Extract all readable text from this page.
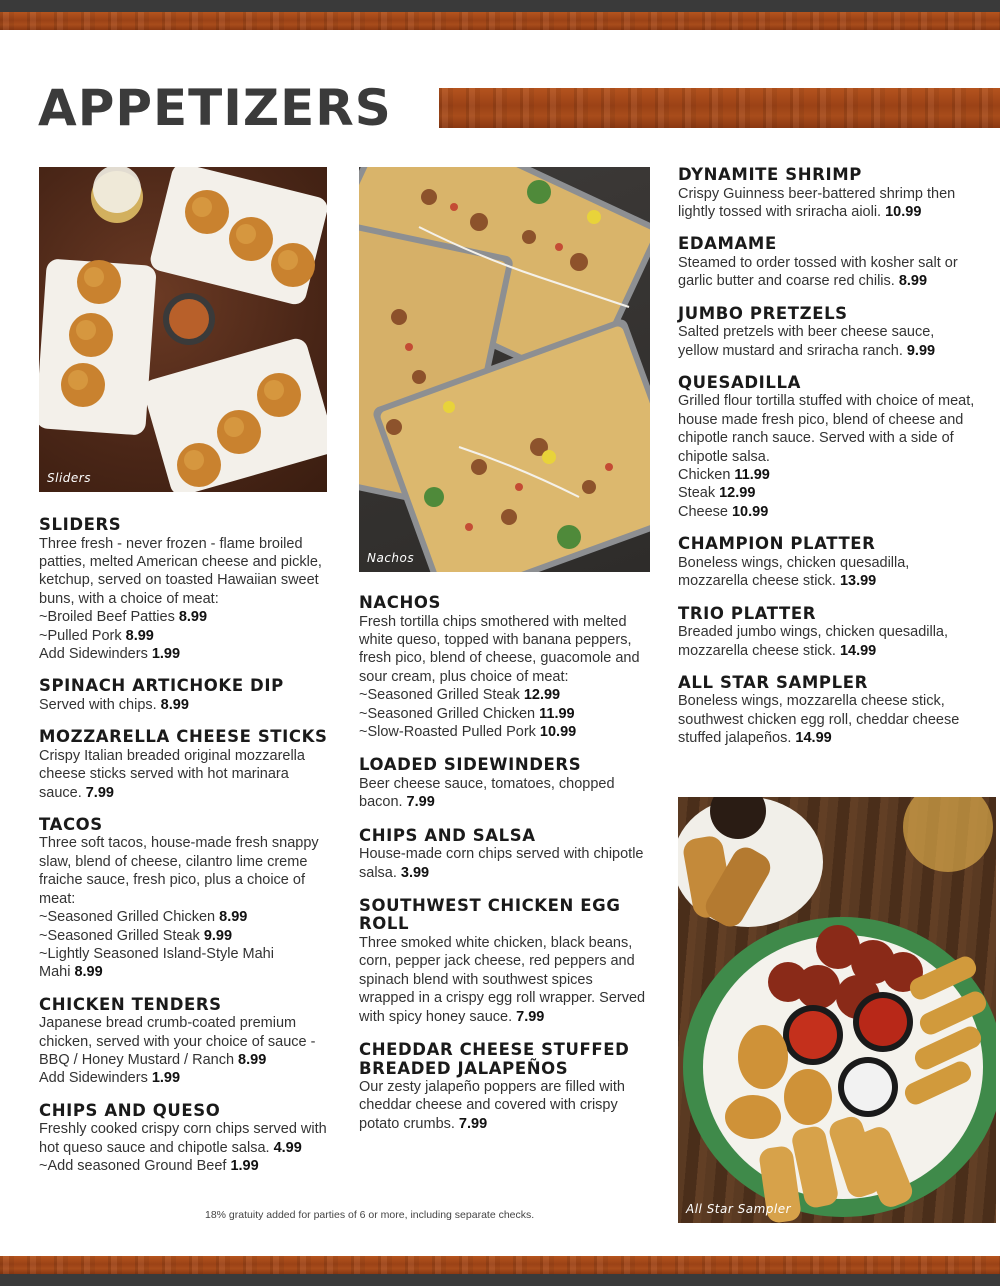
APPETIZERS
Sliders
Nachos
All Star Sampler
SLIDERS

Three fresh - never frozen - flame broiled patties, melted American cheese and pickle, ketchup, served on toasted Hawaiian sweet buns, with a choice of meat:

~Broiled Beef Patties 8.99
~Pulled Pork 8.99
Add Sidewinders 1.99
SPINACH ARTICHOKE DIP

Served with chips. 8.99

MOZZARELLA CHEESE STICKS

Crispy Italian breaded original mozzarella cheese sticks served with hot marinara sauce. 7.99

TACOS

Three soft tacos, house-made fresh snappy slaw, blend of cheese, cilantro lime creme fraiche sauce, fresh pico, plus a choice of meat:

~Seasoned Grilled Chicken 8.99
~Seasoned Grilled Steak 9.99
~Lightly Seasoned Island-Style Mahi Mahi 8.99
CHICKEN TENDERS

Japanese bread crumb-coated premium chicken, served with your choice of sauce - BBQ / Honey Mustard / Ranch 8.99

Add Sidewinders 1.99
CHIPS AND QUESO

Freshly cooked crispy corn chips served with hot queso sauce and chipotle salsa. 4.99

~Add seasoned Ground Beef 1.99
NACHOS

Fresh tortilla chips smothered with melted white queso, topped with banana peppers, fresh pico, blend of cheese, guacomole and sour cream, plus choice of meat:

~Seasoned Grilled Steak 12.99
~Seasoned Grilled Chicken 11.99
~Slow-Roasted Pulled Pork 10.99
LOADED SIDEWINDERS

Beer cheese sauce, tomatoes, chopped bacon. 7.99

CHIPS AND SALSA

House-made corn chips served with chipotle salsa. 3.99

SOUTHWEST CHICKEN EGG ROLL

Three smoked white chicken, black beans, corn, pepper jack cheese, red peppers and spinach blend with southwest spices wrapped in a crispy egg roll wrapper. Served with spicy honey sauce. 7.99

CHEDDAR CHEESE STUFFED BREADED JALAPEÑOS

Our zesty jalapeño poppers are filled with cheddar cheese and covered with crispy potato crumbs. 7.99

DYNAMITE SHRIMP

Crispy Guinness beer-battered shrimp then lightly tossed with sriracha aioli. 10.99

EDAMAME

Steamed to order tossed with kosher salt or garlic butter and coarse red chilis. 8.99

JUMBO PRETZELS

Salted pretzels with beer cheese sauce, yellow mustard and sriracha ranch. 9.99

QUESADILLA

Grilled flour tortilla stuffed with choice of meat, house made fresh pico, blend of cheese and chipotle ranch sauce. Served with a side of chipotle salsa.

Chicken 11.99
Steak 12.99
Cheese 10.99
CHAMPION PLATTER

Boneless wings, chicken quesadilla, mozzarella cheese stick. 13.99

TRIO PLATTER

Breaded jumbo wings, chicken quesadilla, mozzarella cheese stick. 14.99

ALL STAR SAMPLER

Boneless wings, mozzarella cheese stick, southwest chicken egg roll, cheddar cheese stuffed jalapeños. 14.99

18% gratuity added for parties of 6 or more, including separate checks.
